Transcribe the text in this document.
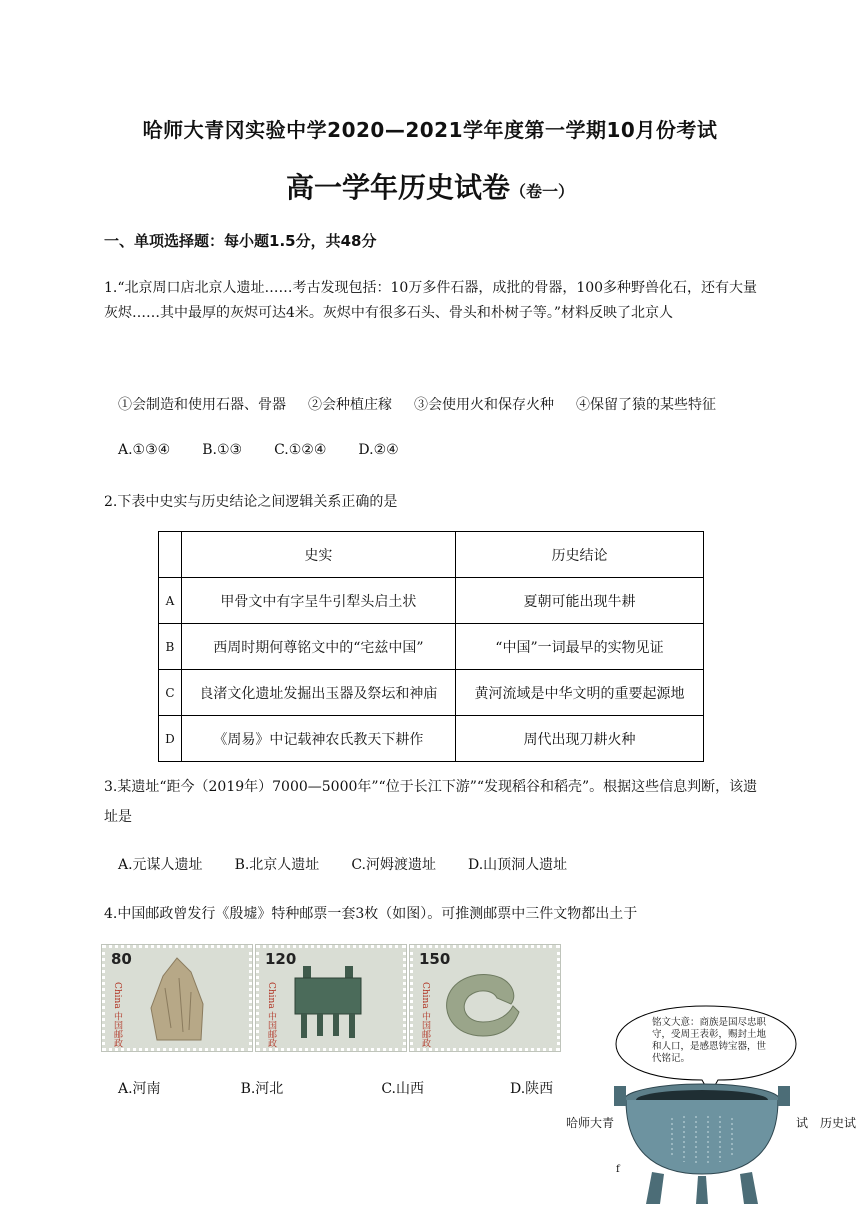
哈师大青冈实验中学2020—2021学年度第一学期10月份考试
高一学年历史试卷（卷一）
一、单项选择题：每小题1.5分，共48分
1.“北京周口店北京人遗址……考古发现包括：10万多件石器，成批的骨器，100多种野兽化石，还有大量灰烬……其中最厚的灰烬可达4米。灰烬中有很多石头、骨头和朴树子等。”材料反映了北京人
①会制造和使用石器、骨器 ②会种植庄稼 ③会使用火和保存火种 ④保留了猿的某些特征
A.①③④ B.①③ C.①②④ D.②④
2.下表中史实与历史结论之间逻辑关系正确的是
	史实	历史结论
A	甲骨文中有字呈牛引犁头启土状	夏朝可能出现牛耕
B	西周时期何尊铭文中的“宅兹中国”	“中国”一词最早的实物见证
C	良渚文化遗址发掘出玉器及祭坛和神庙	黄河流域是中华文明的重要起源地
D	《周易》中记载神农氏教天下耕作	周代出现刀耕火种
3.某遗址“距今（2019年）7000—5000年”“位于长江下游”“发现稻谷和稻壳”。根据这些信息判断，该遗址是
A.元谋人遗址 B.北京人遗址 C.河姆渡遗址 D.山顶洞人遗址
4.中国邮政曾发行《殷墟》特种邮票一套3枚（如图）。可推测邮票中三件文物都出土于
80
China 中国邮政
120
China 中国邮政
150
China 中国邮政
A.河南	B.河北	C.山西	D.陕西
哈师大青	试　历史试
f
铭文大意：商族是国尽忠职守，受周王表彰，赐封土地和人口，是感恩铸宝器，世代铭记。
